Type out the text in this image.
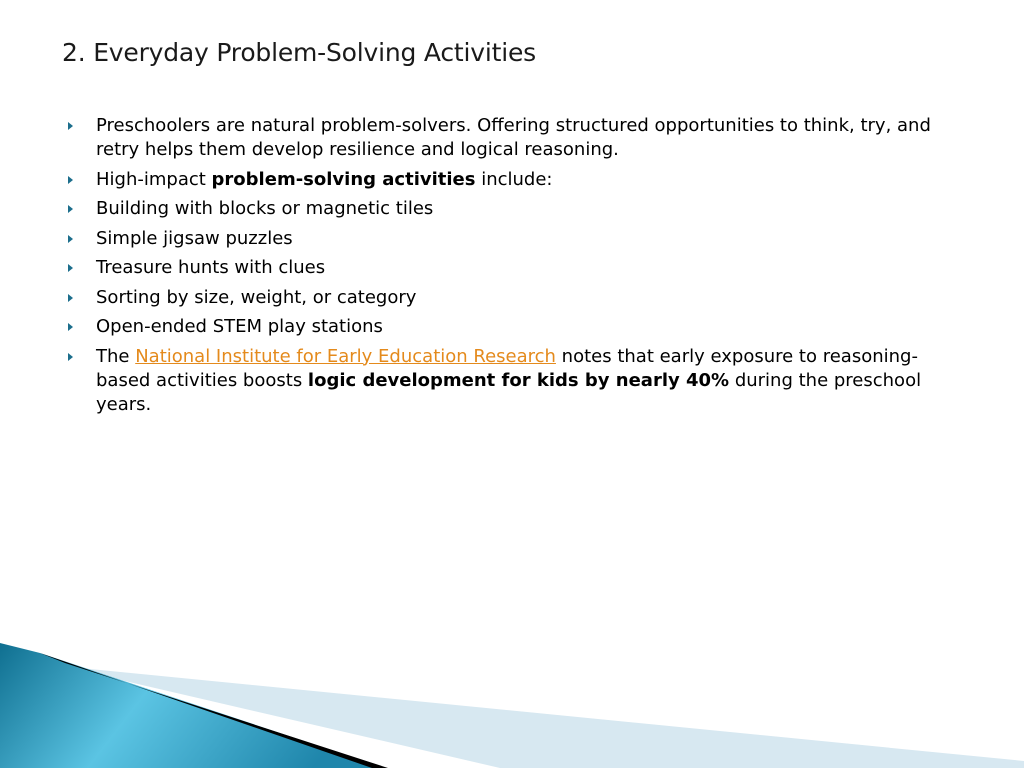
2. Everyday Problem-Solving Activities
Preschoolers are natural problem-solvers. Offering structured opportunities to think, try, and retry helps them develop resilience and logical reasoning.
High-impact problem-solving activities include:
Building with blocks or magnetic tiles
Simple jigsaw puzzles
Treasure hunts with clues
Sorting by size, weight, or category
Open-ended STEM play stations
The National Institute for Early Education Research notes that early exposure to reasoning-based activities boosts logic development for kids by nearly 40% during the preschool years.
